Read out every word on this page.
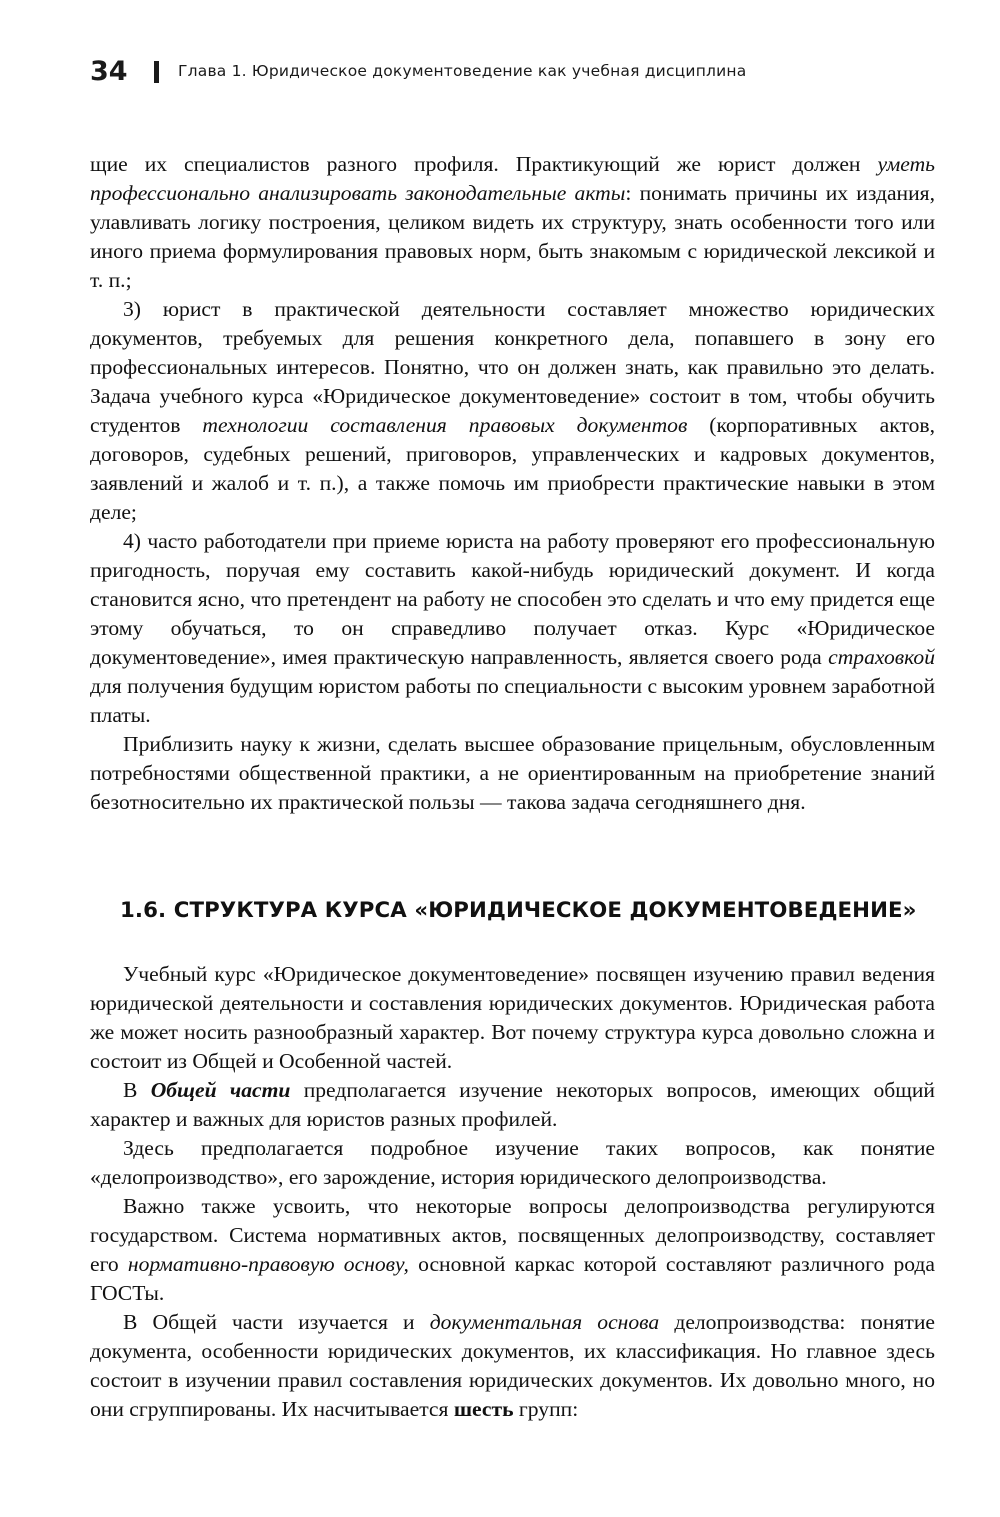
34	Глава 1. Юридическое документоведение как учебная дисциплина

щие их специалистов разного профиля. Практикующий же юрист должен уметь профессионально анализировать законодательные акты: понимать причины их издания, улавливать логику построения, целиком видеть их структуру, знать особенности того или иного приема формулирования правовых норм, быть знакомым с юридической лексикой и т. п.;

3) юрист в практической деятельности составляет множество юридических документов, требуемых для решения конкретного дела, попавшего в зону его профессиональных интересов. Понятно, что он должен знать, как правильно это делать. Задача учебного курса «Юридическое документоведение» состоит в том, чтобы обучить студентов технологии составления правовых документов (корпоративных актов, договоров, судебных решений, приговоров, управленческих и кадровых документов, заявлений и жалоб и т. п.), а также помочь им приобрести практические навыки в этом деле;

4) часто работодатели при приеме юриста на работу проверяют его профессиональную пригодность, поручая ему составить какой-нибудь юридический документ. И когда становится ясно, что претендент на работу не способен это сделать и что ему придется еще этому обучаться, то он справедливо получает отказ. Курс «Юридическое документоведение», имея практическую направленность, является своего рода страховкой для получения будущим юристом работы по специальности с высоким уровнем заработной платы.

Приблизить науку к жизни, сделать высшее образование прицельным, обусловленным потребностями общественной практики, а не ориентированным на приобретение знаний безотносительно их практической пользы — такова задача сегодняшнего дня.

1.6. СТРУКТУРА КУРСА «ЮРИДИЧЕСКОЕ ДОКУМЕНТОВЕДЕНИЕ»

Учебный курс «Юридическое документоведение» посвящен изучению правил ведения юридической деятельности и составления юридических документов. Юридическая работа же может носить разнообразный характер. Вот почему структура курса довольно сложна и состоит из Общей и Особенной частей.

В Общей части предполагается изучение некоторых вопросов, имеющих общий характер и важных для юристов разных профилей.

Здесь предполагается подробное изучение таких вопросов, как понятие «делопроизводство», его зарождение, история юридического делопроизводства.

Важно также усвоить, что некоторые вопросы делопроизводства регулируются государством. Система нормативных актов, посвященных делопроизводству, составляет его нормативно-правовую основу, основной каркас которой составляют различного рода ГОСТы.

В Общей части изучается и документальная основа делопроизводства: понятие документа, особенности юридических документов, их классификация. Но главное здесь состоит в изучении правил составления юридических документов. Их довольно много, но они сгруппированы. Их насчитывается шесть групп:
